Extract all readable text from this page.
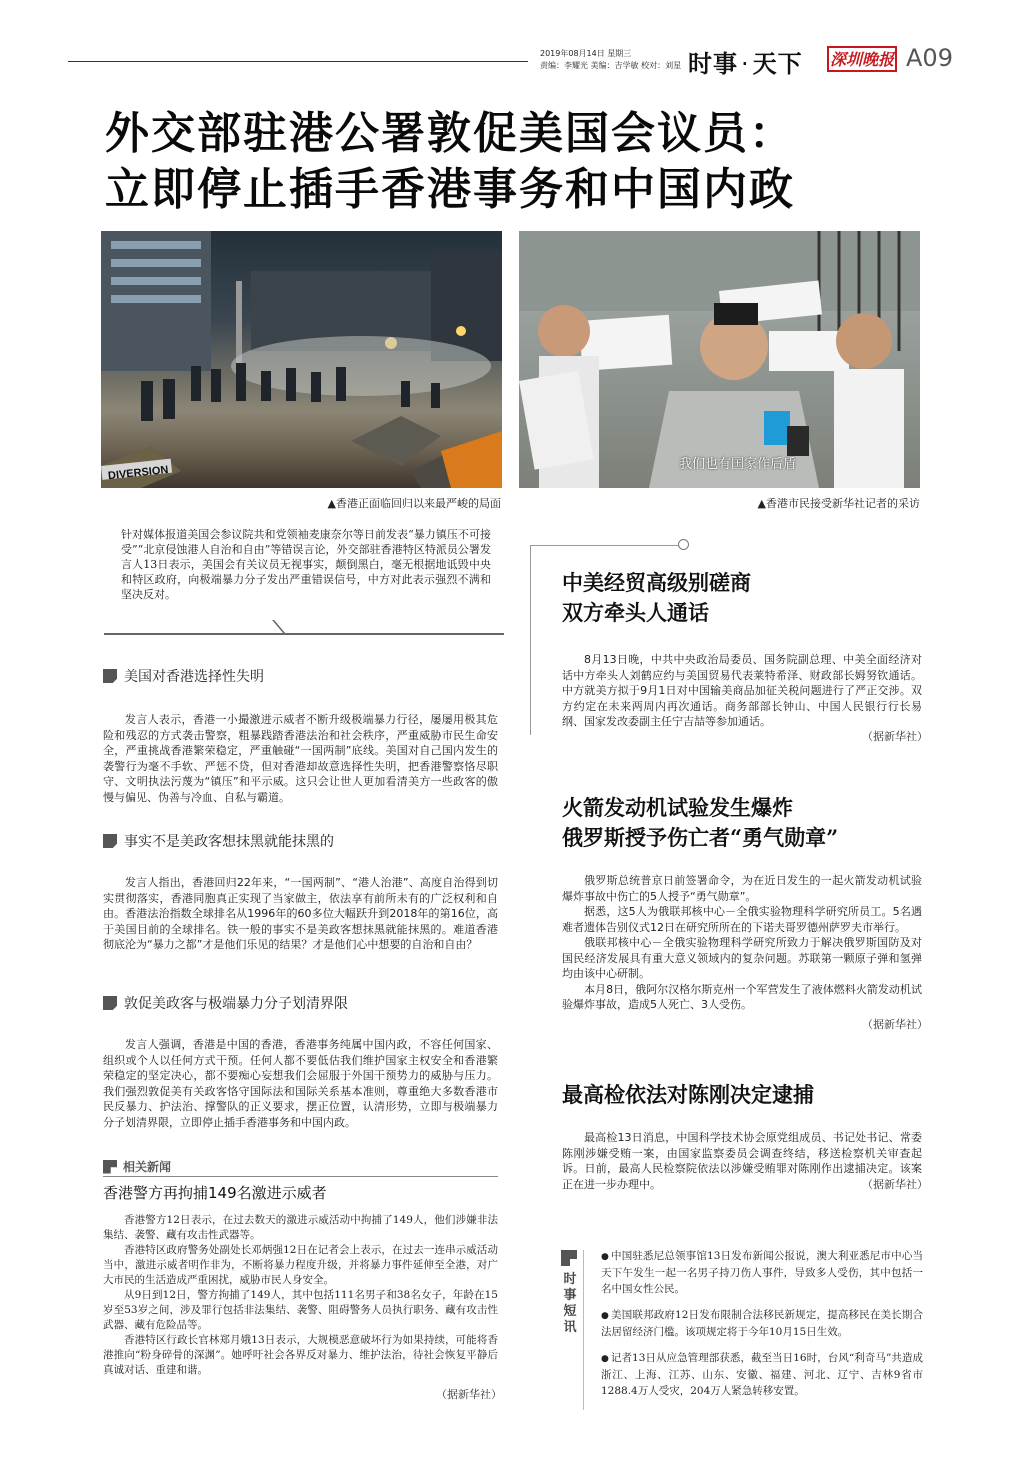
2019年08月14日 星期三
责编：李耀光 美编：吉学敏 校对：刘星 时事 · 天下 深圳晚报 A09
外交部驻港公署敦促美国会议员：
立即停止插手香港事务和中国内政
DIVERSION
▲香港正面临回归以来最严峻的局面
我们也有国家作后盾
▲香港市民接受新华社记者的采访
针对媒体报道美国会参议院共和党领袖麦康奈尔等日前发表“暴力镇压不可接受”“北京侵蚀港人自治和自由”等错误言论，外交部驻香港特区特派员公署发言人13日表示，美国会有关议员无视事实，颠倒黑白，毫无根据地诋毁中央和特区政府，向极端暴力分子发出严重错误信号，中方对此表示强烈不满和坚决反对。
美国对香港选择性失明

发言人表示，香港一小撮激进示威者不断升级极端暴力行径，屡屡用极其危险和残忍的方式袭击警察，粗暴践踏香港法治和社会秩序，严重威胁市民生命安全，严重挑战香港繁荣稳定，严重触碰“一国两制”底线。美国对自己国内发生的袭警行为毫不手软、严惩不贷，但对香港却故意选择性失明，把香港警察恪尽职守、文明执法污蔑为“镇压”和平示威。这只会让世人更加看清美方一些政客的傲慢与偏见、伪善与冷血、自私与霸道。

事实不是美政客想抹黑就能抹黑的

发言人指出，香港回归22年来，“一国两制”、“港人治港”、高度自治得到切实贯彻落实，香港同胞真正实现了当家做主，依法享有前所未有的广泛权利和自由。香港法治指数全球排名从1996年的60多位大幅跃升到2018年的第16位，高于美国目前的全球排名。铁一般的事实不是美政客想抹黑就能抹黑的。难道香港彻底沦为“暴力之都”才是他们乐见的结果？才是他们心中想要的自治和自由？

敦促美政客与极端暴力分子划清界限

发言人强调，香港是中国的香港，香港事务纯属中国内政，不容任何国家、组织或个人以任何方式干预。任何人都不要低估我们维护国家主权安全和香港繁荣稳定的坚定决心，都不要痴心妄想我们会屈服于外国干预势力的威胁与压力。我们强烈敦促美有关政客恪守国际法和国际关系基本准则，尊重绝大多数香港市民反暴力、护法治、撑警队的正义要求，摆正位置，认清形势，立即与极端暴力分子划清界限，立即停止插手香港事务和中国内政。

相关新闻
香港警方再拘捕149名激进示威者

香港警方12日表示，在过去数天的激进示威活动中拘捕了149人，他们涉嫌非法集结、袭警、藏有攻击性武器等。

香港特区政府警务处副处长邓炳强12日在记者会上表示，在过去一连串示威活动当中，激进示威者明作非为，不断将暴力程度升级，并将暴力事件延伸至全港，对广大市民的生活造成严重困扰，威胁市民人身安全。

从9日到12日，警方拘捕了149人，其中包括111名男子和38名女子，年龄在15岁至53岁之间，涉及罪行包括非法集结、袭警、阻碍警务人员执行职务、藏有攻击性武器、藏有危险品等。

香港特区行政长官林郑月娥13日表示，大规模恶意破坏行为如果持续，可能将香港推向“粉身碎骨的深渊”。她呼吁社会各界反对暴力、维护法治，待社会恢复平静后真诚对话、重建和谐。

（据新华社）
中美经贸高级别磋商
双方牵头人通话

8月13日晚，中共中央政治局委员、国务院副总理、中美全面经济对话中方牵头人刘鹤应约与美国贸易代表莱特希泽、财政部长姆努钦通话。中方就美方拟于9月1日对中国输美商品加征关税问题进行了严正交涉。双方约定在未来两周内再次通话。商务部部长钟山、中国人民银行行长易纲、国家发改委副主任宁吉喆等参加通话。

（据新华社）
火箭发动机试验发生爆炸
俄罗斯授予伤亡者“勇气勋章”

俄罗斯总统普京日前签署命令，为在近日发生的一起火箭发动机试验爆炸事故中伤亡的5人授予“勇气勋章”。

据悉，这5人为俄联邦核中心－全俄实验物理科学研究所员工。5名遇难者遗体告别仪式12日在研究所所在的下诺夫哥罗德州萨罗夫市举行。

俄联邦核中心－全俄实验物理科学研究所致力于解决俄罗斯国防及对国民经济发展具有重大意义领域内的复杂问题。苏联第一颗原子弹和氢弹均由该中心研制。

本月8日，俄阿尔汉格尔斯克州一个军营发生了液体燃料火箭发动机试验爆炸事故，造成5人死亡、3人受伤。

（据新华社）
最高检依法对陈刚决定逮捕

最高检13日消息，中国科学技术协会原党组成员、书记处书记、常委陈刚涉嫌受贿一案，由国家监察委员会调查终结，移送检察机关审查起诉。日前，最高人民检察院依法以涉嫌受贿罪对陈刚作出逮捕决定。该案正在进一步办理中。	（据新华社）
时
事
短
讯

● 中国驻悉尼总领事馆13日发布新闻公报说，澳大利亚悉尼市中心当天下午发生一起一名男子持刀伤人事件，导致多人受伤，其中包括一名中国女性公民。

● 美国联邦政府12日发布限制合法移民新规定，提高移民在美长期合法居留经济门槛。该项规定将于今年10月15日生效。

● 记者13日从应急管理部获悉，截至当日16时，台风“利奇马”共造成浙江、上海、江苏、山东、安徽、福建、河北、辽宁、吉林9省市1288.4万人受灾，204万人紧急转移安置。
